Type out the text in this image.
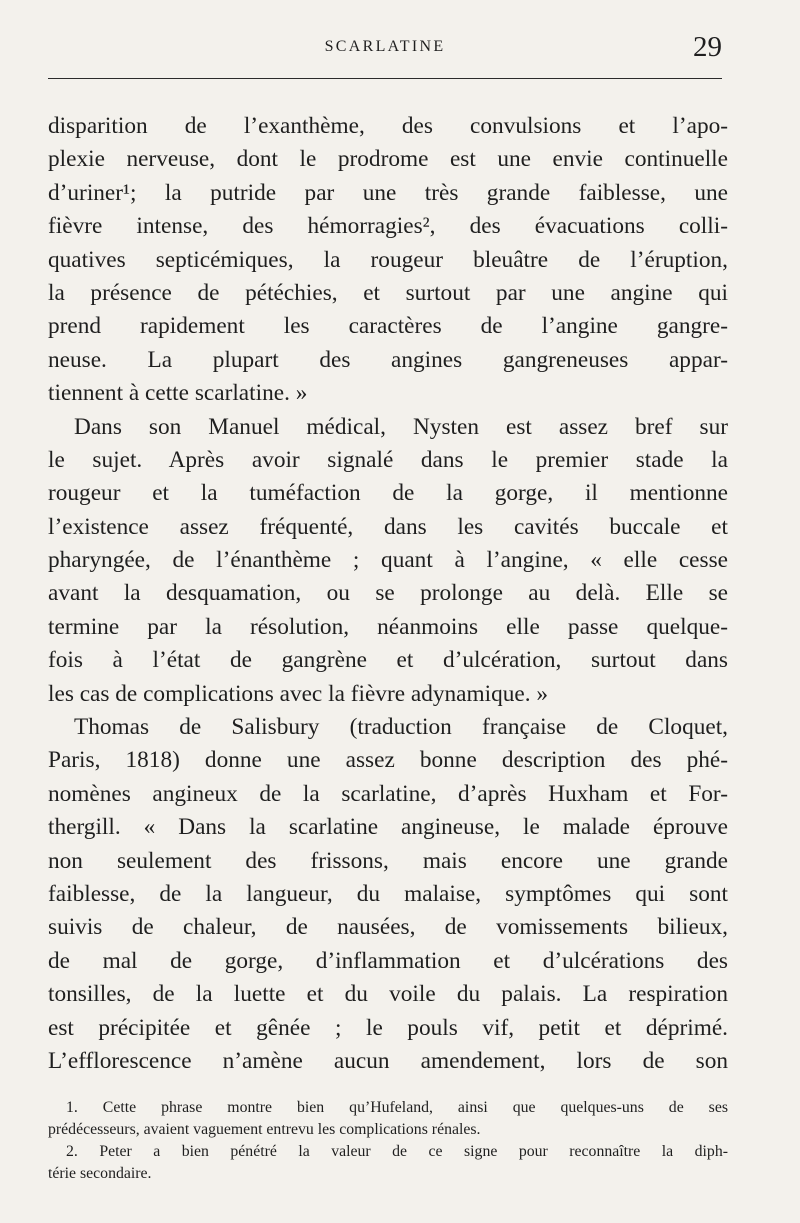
SCARLATINE	29
disparition de l’exanthème, des convulsions et l’apo-
plexie nerveuse, dont le prodrome est une envie continuelle
d’uriner¹; la putride par une très grande faiblesse, une
fièvre intense, des hémorragies², des évacuations colli-
quatives septicémiques, la rougeur bleuâtre de l’éruption,
la présence de pétéchies, et surtout par une angine qui
prend rapidement les caractères de l’angine gangre-
neuse. La plupart des angines gangreneuses appar-
tiennent à cette scarlatine. »
Dans son Manuel médical, Nysten est assez bref sur
le sujet. Après avoir signalé dans le premier stade la
rougeur et la tuméfaction de la gorge, il mentionne
l’existence assez fréquenté, dans les cavités buccale et
pharyngée, de l’énanthème ; quant à l’angine, « elle cesse
avant la desquamation, ou se prolonge au delà. Elle se
termine par la résolution, néanmoins elle passe quelque-
fois à l’état de gangrène et d’ulcération, surtout dans
les cas de complications avec la fièvre adynamique. »
Thomas de Salisbury (traduction française de Cloquet,
Paris, 1818) donne une assez bonne description des phé-
nomènes angineux de la scarlatine, d’après Huxham et For-
thergill. « Dans la scarlatine angineuse, le malade éprouve
non seulement des frissons, mais encore une grande
faiblesse, de la langueur, du malaise, symptômes qui sont
suivis de chaleur, de nausées, de vomissements bilieux,
de mal de gorge, d’inflammation et d’ulcérations des
tonsilles, de la luette et du voile du palais. La respiration
est précipitée et gênée ; le pouls vif, petit et déprimé.
L’efflorescence n’amène aucun amendement, lors de son
1. Cette phrase montre bien qu’Hufeland, ainsi que quelques-uns de ses
prédécesseurs, avaient vaguement entrevu les complications rénales.
2. Peter a bien pénétré la valeur de ce signe pour reconnaître la diph-
térie secondaire.
